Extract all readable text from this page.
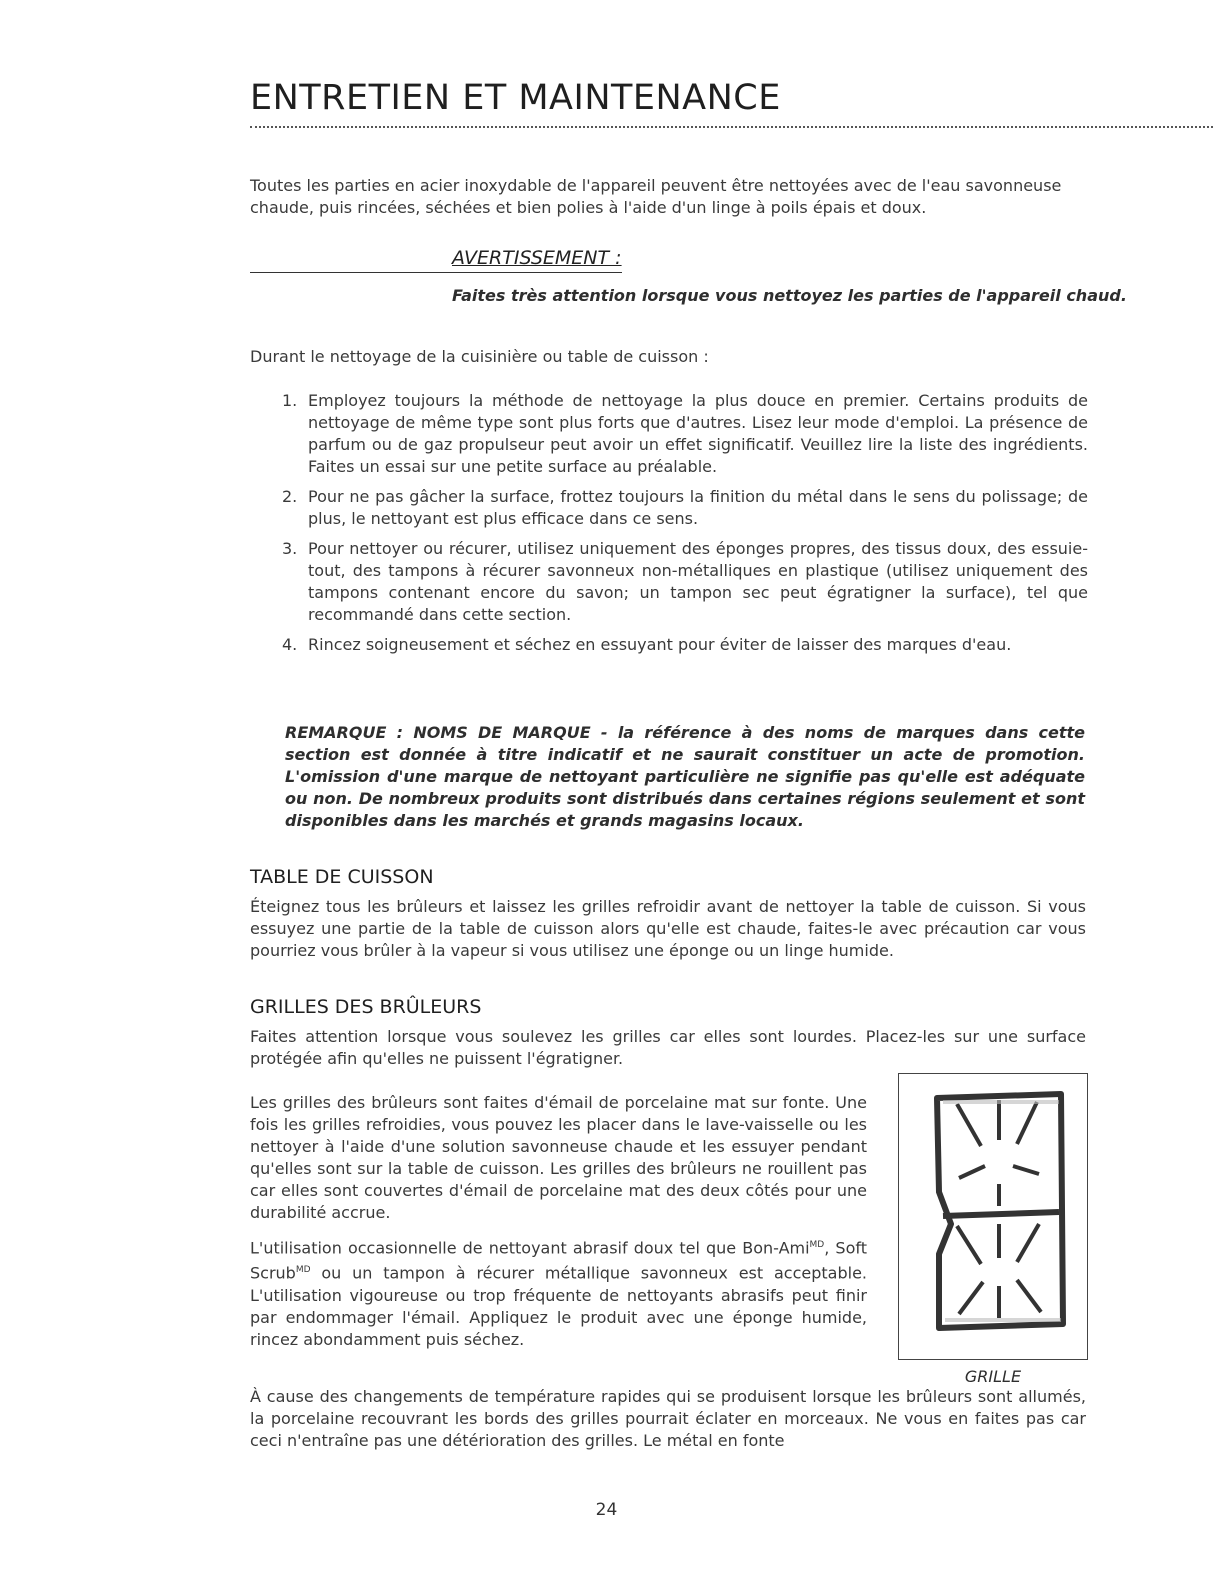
ENTRETIEN ET MAINTENANCE
Toutes les parties en acier inoxydable de l'appareil peuvent être nettoyées avec de l'eau savonneuse chaude, puis rincées, séchées et bien polies à l'aide d'un linge à poils épais et doux.
AVERTISSEMENT :
Faites très attention lorsque vous nettoyez les parties de l'appareil chaud.
Durant le nettoyage de la cuisinière ou table de cuisson :
1. Employez toujours la méthode de nettoyage la plus douce en premier. Certains produits de nettoyage de même type sont plus forts que d'autres. Lisez leur mode d'emploi. La présence de parfum ou de gaz propulseur peut avoir un effet significatif. Veuillez lire la liste des ingrédients. Faites un essai sur une petite surface au préalable.
2. Pour ne pas gâcher la surface, frottez toujours la finition du métal dans le sens du polissage; de plus, le nettoyant est plus efficace dans ce sens.
3. Pour nettoyer ou récurer, utilisez uniquement des éponges propres, des tissus doux, des essuie-tout, des tampons à récurer savonneux non-métalliques en plastique (utilisez uniquement des tampons contenant encore du savon; un tampon sec peut égratigner la surface), tel que recommandé dans cette section.
4. Rincez soigneusement et séchez en essuyant pour éviter de laisser des marques d'eau.
REMARQUE : NOMS DE MARQUE - la référence à des noms de marques dans cette section est donnée à titre indicatif et ne saurait constituer un acte de promotion. L'omission d'une marque de nettoyant particulière ne signifie pas qu'elle est adéquate ou non. De nombreux produits sont distribués dans certaines régions seulement et sont disponibles dans les marchés et grands magasins locaux.
TABLE DE CUISSON
Éteignez tous les brûleurs et laissez les grilles refroidir avant de nettoyer la table de cuisson. Si vous essuyez une partie de la table de cuisson alors qu'elle est chaude, faites-le avec précaution car vous pourriez vous brûler à la vapeur si vous utilisez une éponge ou un linge humide.
GRILLES DES BRÛLEURS
Faites attention lorsque vous soulevez les grilles car elles sont lourdes. Placez-les sur une surface protégée afin qu'elles ne puissent l'égratigner.

Les grilles des brûleurs sont faites d'émail de porcelaine mat sur fonte. Une fois les grilles refroidies, vous pouvez les placer dans le lave-vaisselle ou les nettoyer à l'aide d'une solution savonneuse chaude et les essuyer pendant qu'elles sont sur la table de cuisson. Les grilles des brûleurs ne rouillent pas car elles sont couvertes d'émail de porcelaine mat des deux côtés pour une durabilité accrue.

L'utilisation occasionnelle de nettoyant abrasif doux tel que Bon-Ami$^{MD}$, Soft Scrub$^{MD}$ ou un tampon à récurer métallique savonneux est acceptable. L'utilisation vigoureuse ou trop fréquente de nettoyants abrasifs peut finir par endommager l'émail. Appliquez le produit avec une éponge humide, rincez abondamment puis séchez.

À cause des changements de température rapides qui se produisent lorsque les brûleurs sont allumés, la porcelaine recouvrant les bords des grilles pourrait éclater en morceaux. Ne vous en faites pas car ceci n'entraîne pas une détérioration des grilles. Le métal en fonte
GRILLE
24
